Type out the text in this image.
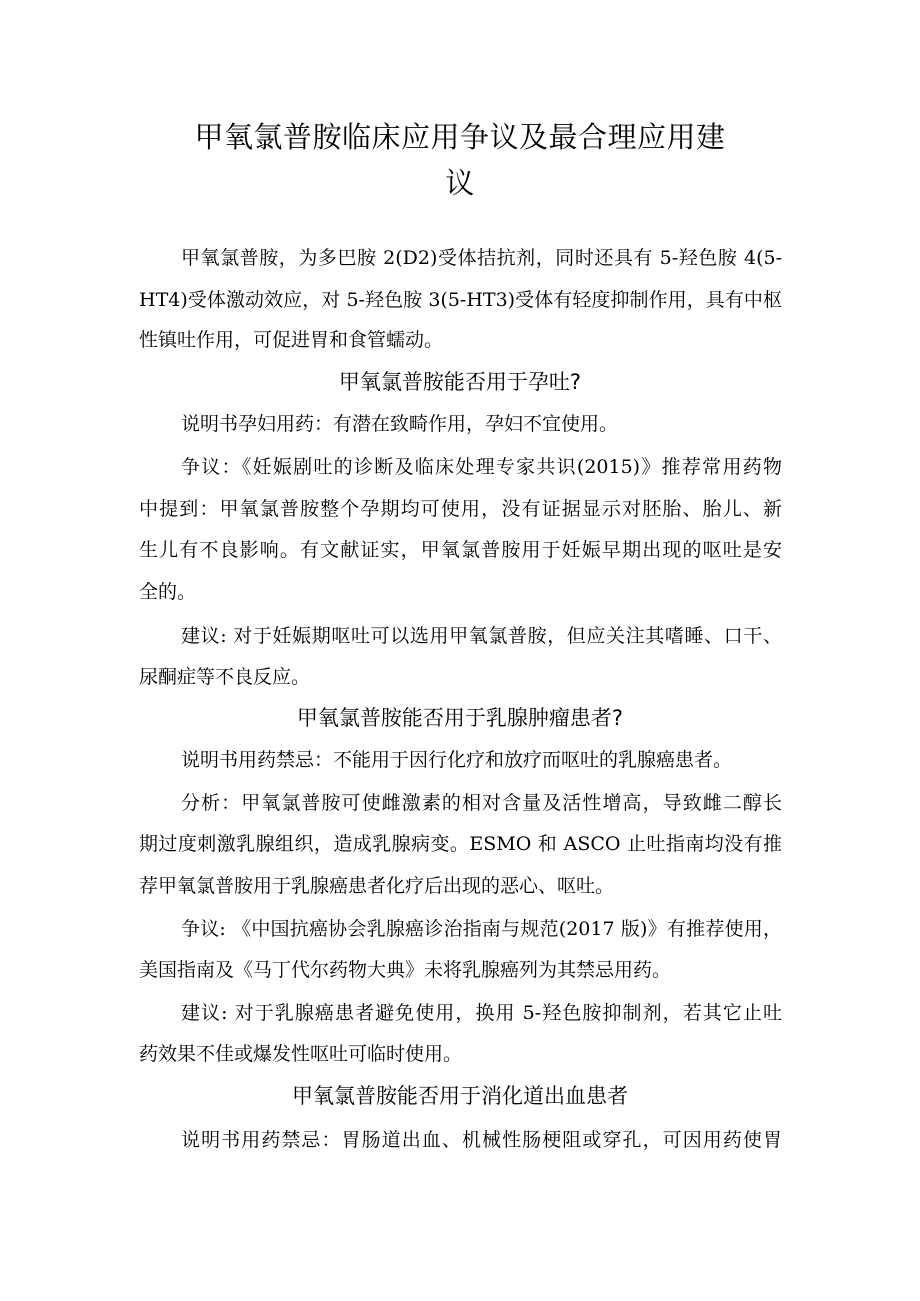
甲氧氯普胺临床应用争议及最合理应用建
议
甲氧氯普胺，为多巴胺 2(D2)受体拮抗剂，同时还具有 5-羟色胺 4(5-
HT4)受体激动效应，对 5-羟色胺 3(5-HT3)受体有轻度抑制作用，具有中枢
性镇吐作用，可促进胃和食管蠕动。
甲氧氯普胺能否用于孕吐?
说明书孕妇用药：有潜在致畸作用，孕妇不宜使用。
争议：《妊娠剧吐的诊断及临床处理专家共识(2015)》推荐常用药物
中提到：甲氧氯普胺整个孕期均可使用，没有证据显示对胚胎、胎儿、新
生儿有不良影响。有文献证实，甲氧氯普胺用于妊娠早期出现的呕吐是安
全的。
建议: 对于妊娠期呕吐可以选用甲氧氯普胺，但应关注其嗜睡、口干、
尿酮症等不良反应。
甲氧氯普胺能否用于乳腺肿瘤患者?
说明书用药禁忌：不能用于因行化疗和放疗而呕吐的乳腺癌患者。
分析：甲氧氯普胺可使雌激素的相对含量及活性增高，导致雌二醇长
期过度刺激乳腺组织，造成乳腺病变。ESMO 和 ASCO 止吐指南均没有推
荐甲氧氯普胺用于乳腺癌患者化疗后出现的恶心、呕吐。
争议: 《中国抗癌协会乳腺癌诊治指南与规范(2017 版)》有推荐使用，
美国指南及《马丁代尔药物大典》未将乳腺癌列为其禁忌用药。
建议: 对于乳腺癌患者避免使用，换用 5-羟色胺抑制剂，若其它止吐
药效果不佳或爆发性呕吐可临时使用。
甲氧氯普胺能否用于消化道出血患者
说明书用药禁忌：胃肠道出血、机械性肠梗阻或穿孔，可因用药使胃
